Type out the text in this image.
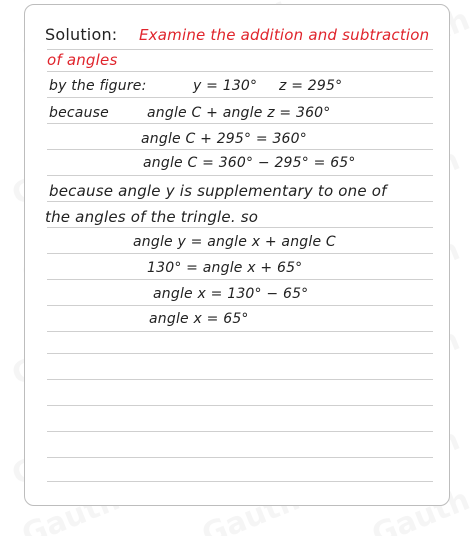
Solution: Examine the addition and subtraction
of angles
by the figure:	y = 130° z = 295°
because	angle C + angle z = 360°
angle C + 295° = 360°
angle C = 360° − 295° = 65°
because angle y is supplementary to one of
the angles of the tringle. so
angle y = angle x + angle C
130° = angle x + 65°
angle x = 130° − 65°
angle x = 65°
